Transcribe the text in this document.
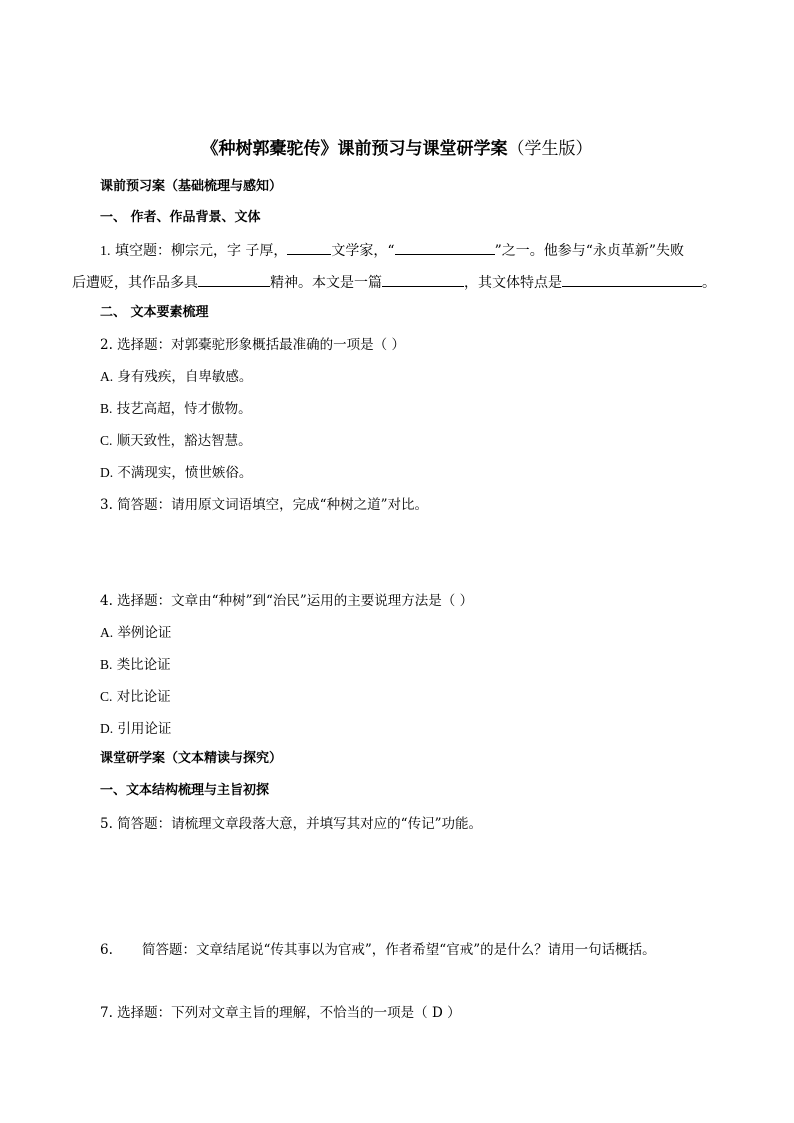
《种树郭橐驼传》课前预习与课堂研学案（学生版）
课前预习案（基础梳理与感知）
一、 作者、作品背景、文体
1. 填空题：柳宗元，字 子厚，	文学家，“	”之一。他参与“永贞革新”失败
后遭贬，其作品多具	精神。本文是一篇	，其文体特点是	。
二、 文本要素梳理
2. 选择题：对郭橐驼形象概括最准确的一项是（ ）
A. 身有残疾，自卑敏感。
B. 技艺高超，恃才傲物。
C. 顺天致性，豁达智慧。
D. 不满现实，愤世嫉俗。
3. 简答题：请用原文词语填空，完成“种树之道”对比。
4. 选择题：文章由“种树”到“治民”运用的主要说理方法是（ ）
A. 举例论证
B. 类比论证
C. 对比论证
D. 引用论证
课堂研学案（文本精读与探究）
一、文本结构梳理与主旨初探
5. 简答题：请梳理文章段落大意，并填写其对应的“传记”功能。
6. 简答题：文章结尾说“传其事以为官戒”，作者希望“官戒”的是什么？请用一句话概括。
7. 选择题：下列对文章主旨的理解，不恰当的一项是（ D ）
